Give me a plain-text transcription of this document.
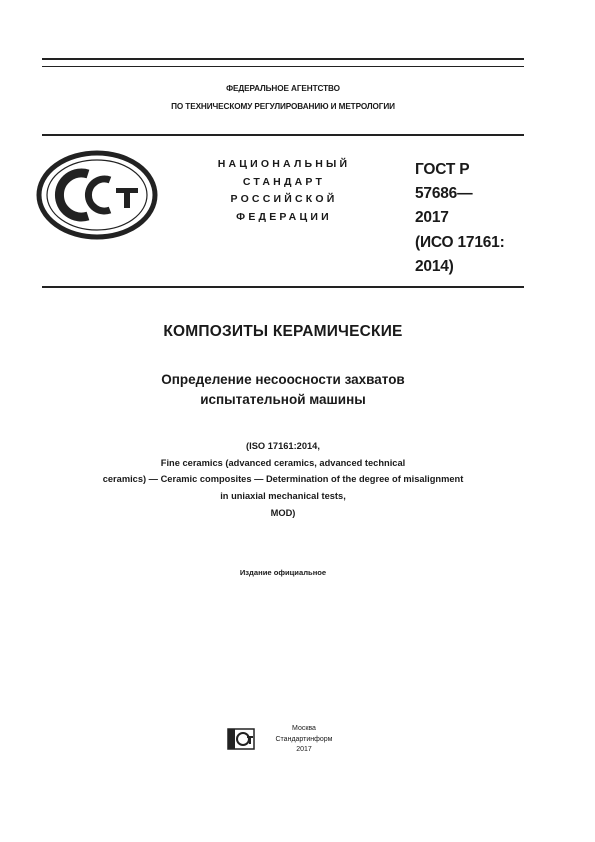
ФЕДЕРАЛЬНОЕ АГЕНТСТВО
ПО ТЕХНИЧЕСКОМУ РЕГУЛИРОВАНИЮ И МЕТРОЛОГИИ
НАЦИОНАЛЬНЫЙ
СТАНДАРТ
РОССИЙСКОЙ
ФЕДЕРАЦИИ
ГОСТ Р
57686—
2017
(ИСО 17161:
2014)
КОМПОЗИТЫ КЕРАМИЧЕСКИЕ
Определение несоосности захватов
испытательной машины
(ISO 17161:2014,
Fine ceramics (advanced ceramics, advanced technical
ceramics) — Ceramic composites — Determination of the degree of misalignment
in uniaxial mechanical tests,
MOD)
Издание официальное
Москва
Стандартинформ
2017
